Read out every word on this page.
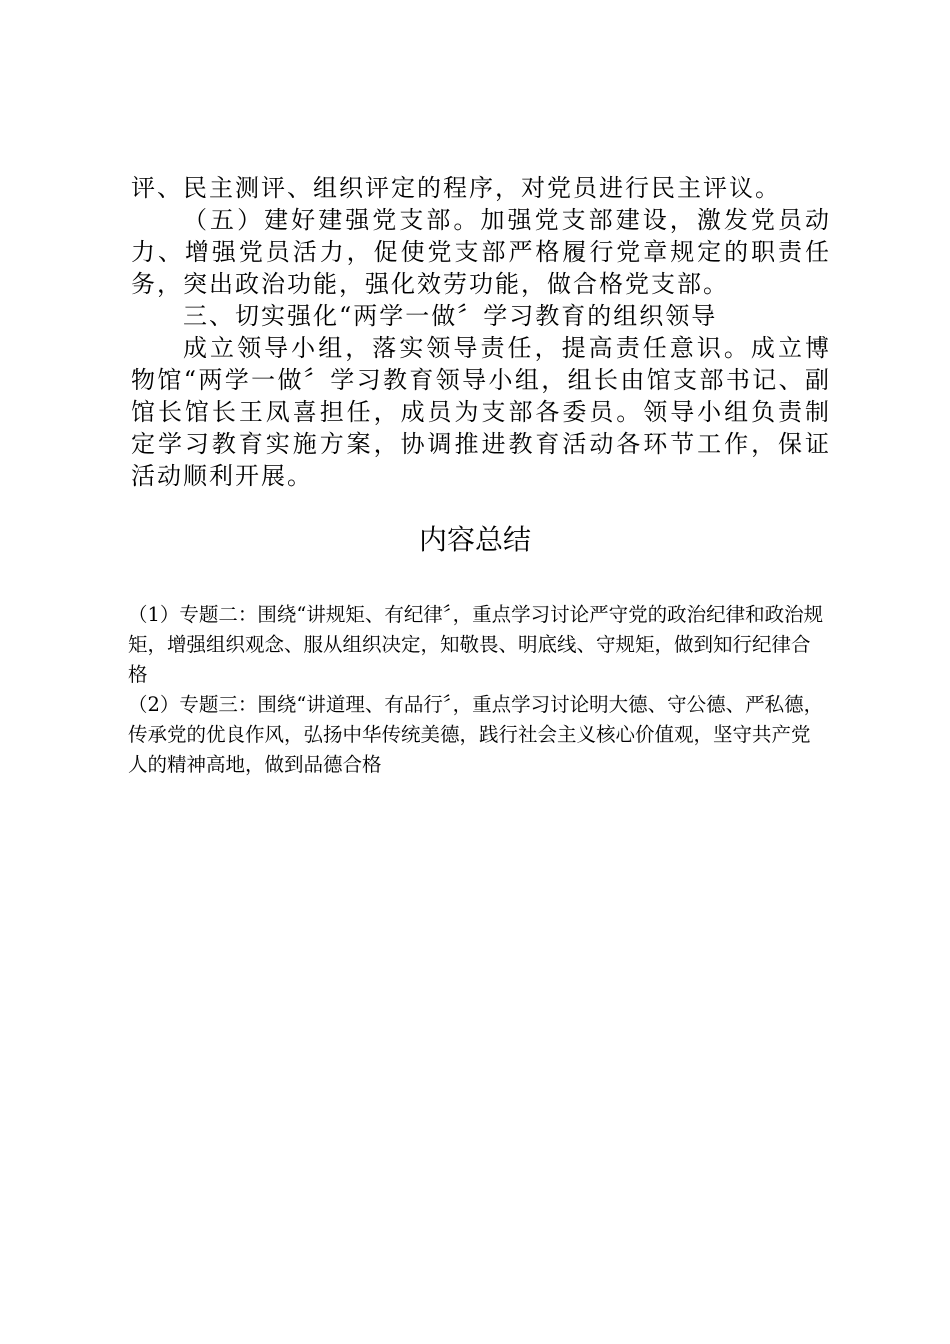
评、民主测评、组织评定的程序，对党员进行民主评议。

（五）建好建强党支部。加强党支部建设，激发党员动力、增强党员活力，促使党支部严格履行党章规定的职责任务，突出政治功能，强化效劳功能，做合格党支部。

三、切实强化“两学一做〞学习教育的组织领导

成立领导小组，落实领导责任，提高责任意识。成立博物馆“两学一做〞学习教育领导小组，组长由馆支部书记、副馆长馆长王凤喜担任，成员为支部各委员。领导小组负责制定学习教育实施方案，协调推进教育活动各环节工作，保证活动顺利开展。

内容总结

（1）专题二：围绕“讲规矩、有纪律〞，重点学习讨论严守党的政治纪律和政治规矩，增强组织观念、服从组织决定，知敬畏、明底线、守规矩，做到知行纪律合格

（2）专题三：围绕“讲道理、有品行〞，重点学习讨论明大德、守公德、严私德，传承党的优良作风，弘扬中华传统美德，践行社会主义核心价值观，坚守共产党人的精神高地，做到品德合格
